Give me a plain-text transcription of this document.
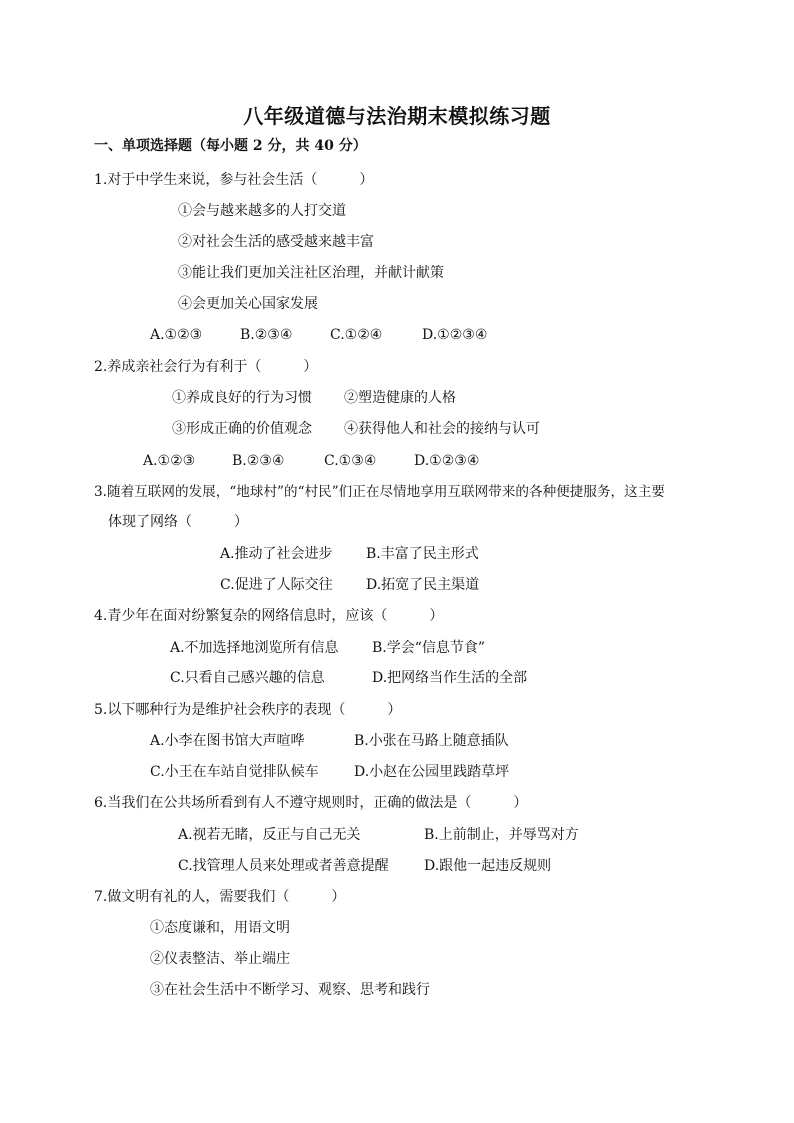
八年级道德与法治期末模拟练习题
一、单项选择题（每小题 2 分，共 40 分）
1.对于中学生来说，参与社会生活（　　　）
①会与越来越多的人打交道
②对社会生活的感受越来越丰富
③能让我们更加关注社区治理，并献计献策
④会更加关心国家发展
A.①②③	B.②③④	C.①②④	D.①②③④
2.养成亲社会行为有利于（　　　）
①养成良好的行为习惯 ②塑造健康的人格
③形成正确的价值观念 ④获得他人和社会的接纳与认可
A.①②③	B.②③④	C.①③④	D.①②③④
3.随着互联网的发展，“地球村”的“村民”们正在尽情地享用互联网带来的各种便捷服务，这主要
体现了网络（　　　）
A.推动了社会进步 B.丰富了民主形式
C.促进了人际交往 D.拓宽了民主渠道
4.青少年在面对纷繁复杂的网络信息时，应该（　　　）
A.不加选择地浏览所有信息 B.学会“信息节食”
C.只看自己感兴趣的信息	D.把网络当作生活的全部
5.以下哪种行为是维护社会秩序的表现（　　　）
A.小李在图书馆大声喧哗	B.小张在马路上随意插队
C.小王在车站自觉排队候车	D.小赵在公园里践踏草坪
6.当我们在公共场所看到有人不遵守规则时，正确的做法是（　　　）
A.视若无睹，反正与自己无关	B.上前制止，并辱骂对方
C.找管理人员来处理或者善意提醒	D.跟他一起违反规则
7.做文明有礼的人，需要我们（　　　）
①态度谦和，用语文明
②仪表整洁、举止端庄
③在社会生活中不断学习、观察、思考和践行
